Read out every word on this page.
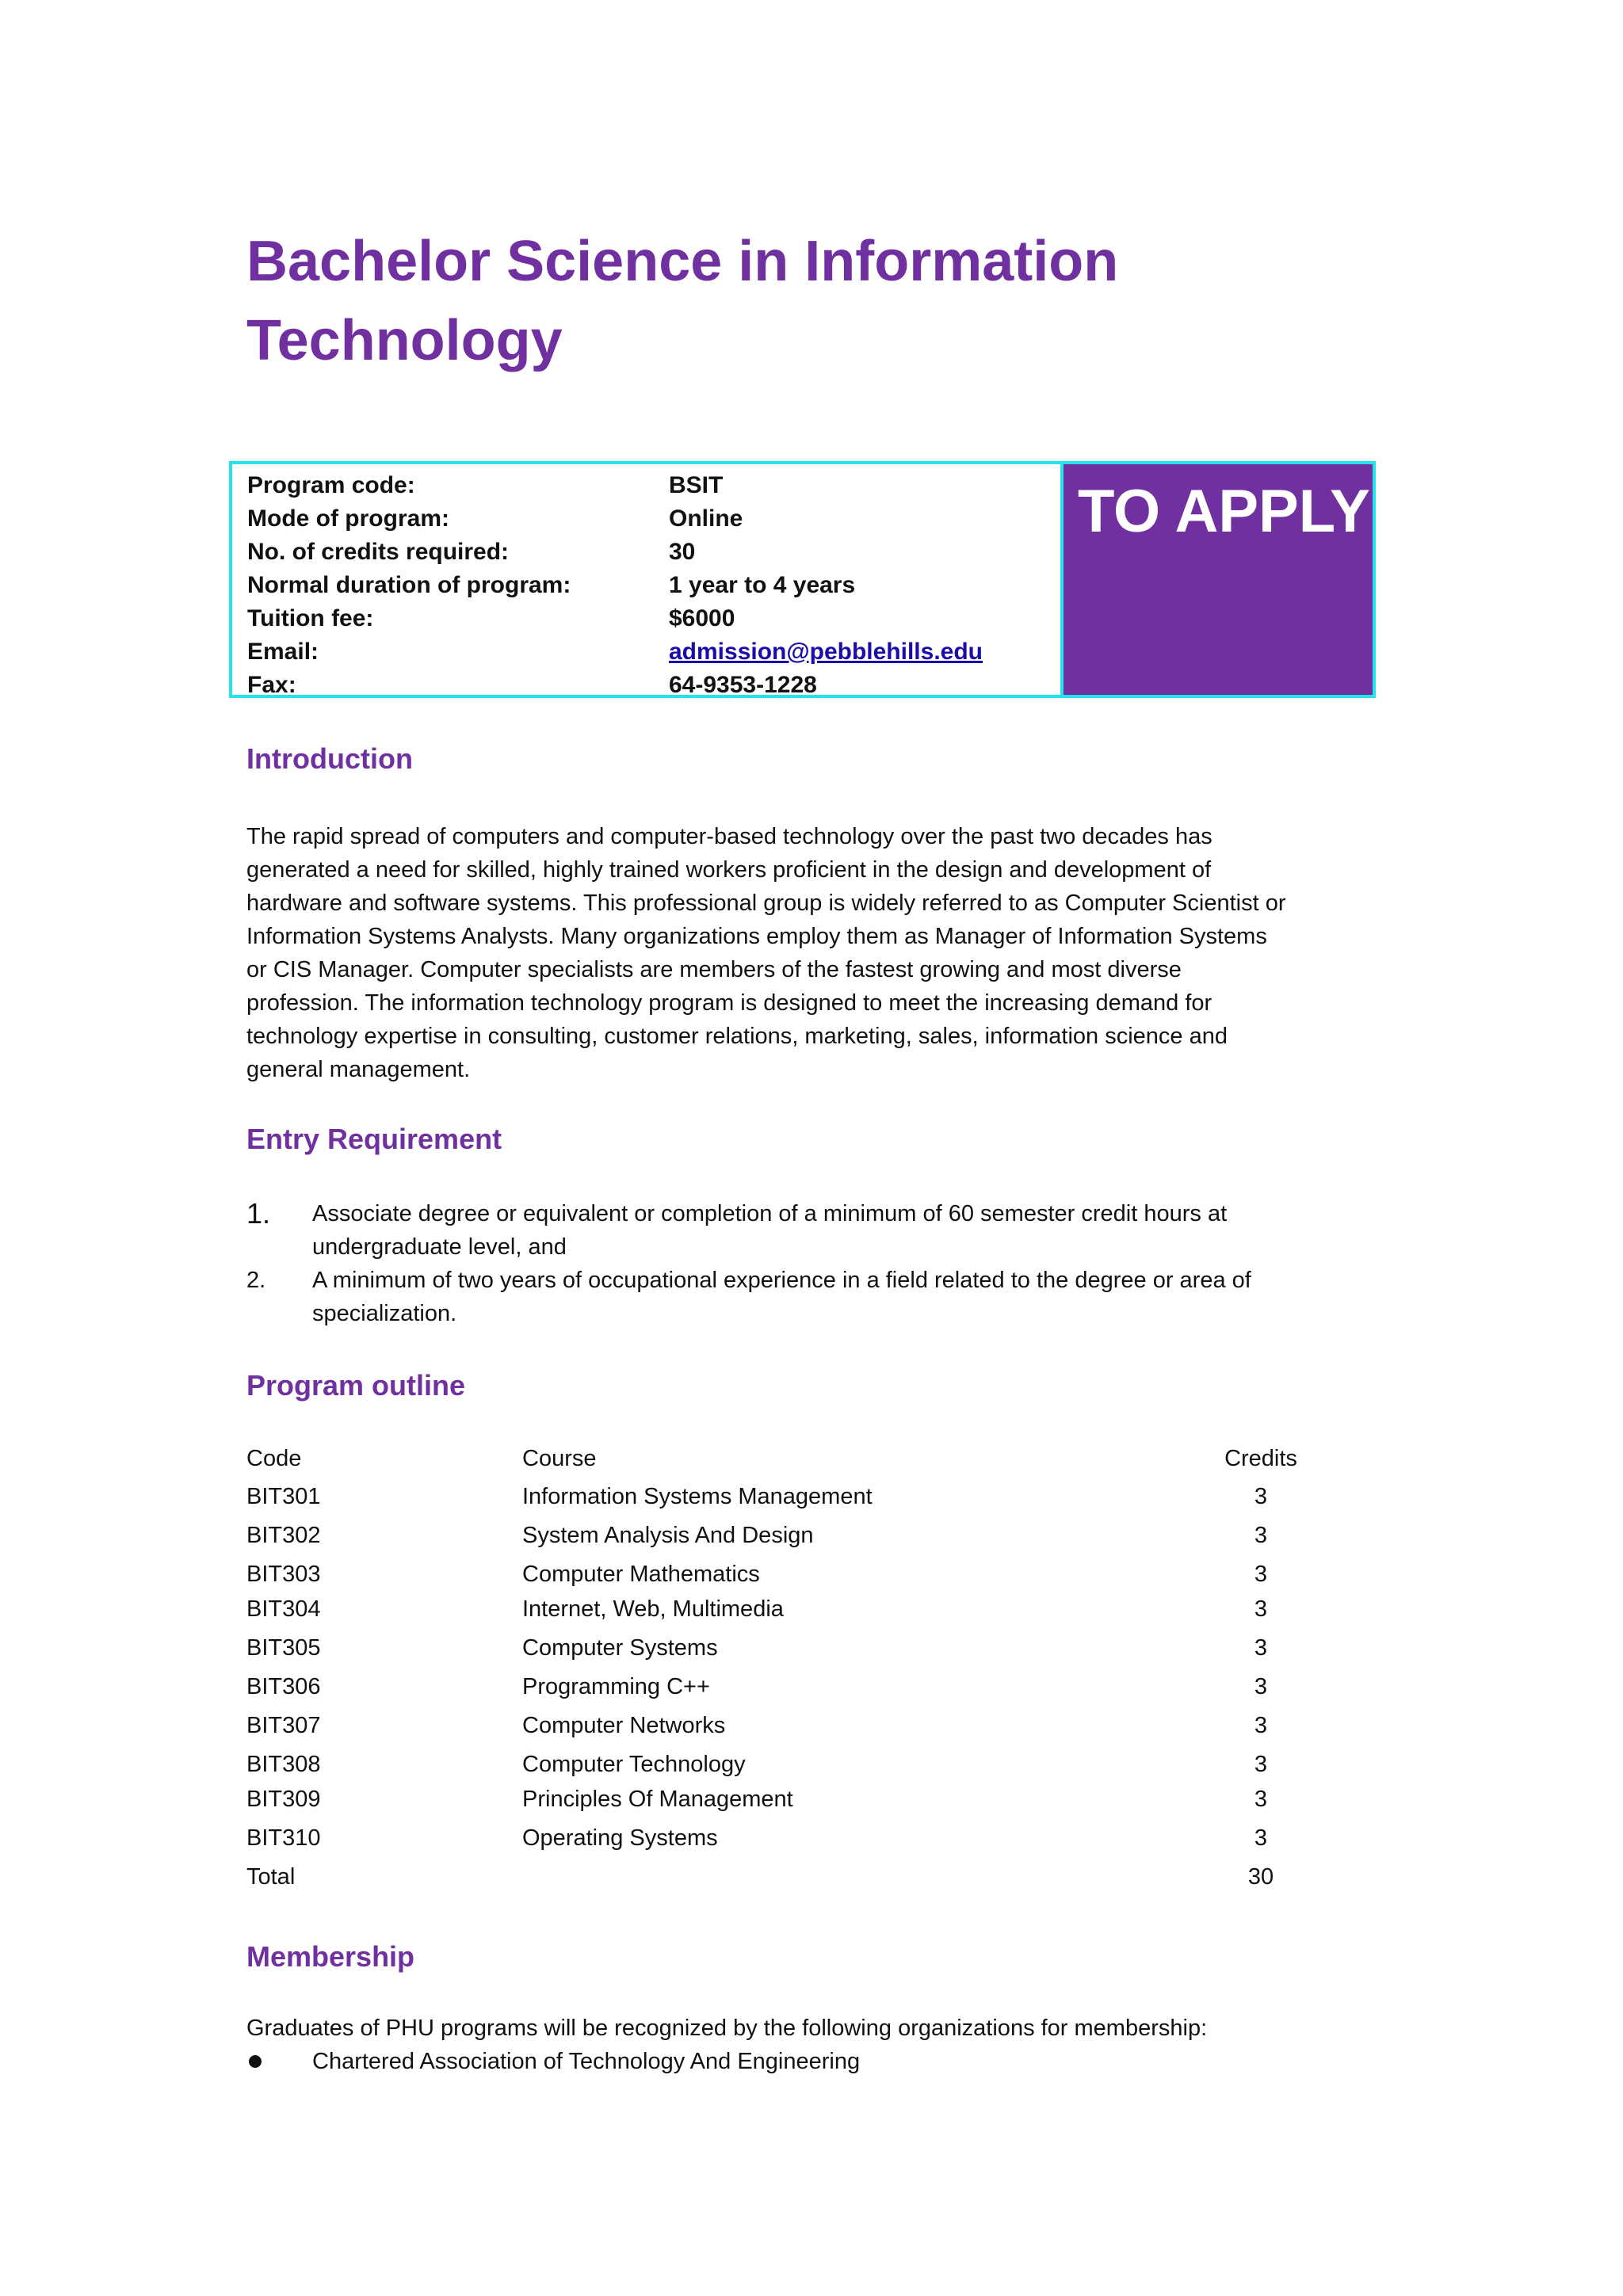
Bachelor Science in Information
Technology
Program code:	BSIT
Mode of program:	Online
No. of credits required:	30
Normal duration of program:	1 year to 4 years
Tuition fee:	$6000
Email:	admission@pebblehills.edu
Fax:	64-9353-1228
TO APPLY
Introduction
The rapid spread of computers and computer-based technology over the past two decades has
generated a need for skilled, highly trained workers proficient in the design and development of
hardware and software systems. This professional group is widely referred to as Computer Scientist or
Information Systems Analysts. Many organizations employ them as Manager of Information Systems
or CIS Manager. Computer specialists are members of the fastest growing and most diverse
profession. The information technology program is designed to meet the increasing demand for
technology expertise in consulting, customer relations, marketing, sales, information science and
general management.
Entry Requirement
1.	Associate degree or equivalent or completion of a minimum of 60 semester credit hours at
undergraduate level, and
2.	A minimum of two years of occupational experience in a field related to the degree or area of
specialization.
Program outline
Code	Course	Credits
BIT301	Information Systems Management	3
BIT302	System Analysis And Design	3
BIT303	Computer Mathematics	3
BIT304	Internet, Web, Multimedia	3
BIT305	Computer Systems	3
BIT306	Programming C++	3
BIT307	Computer Networks	3
BIT308	Computer Technology	3
BIT309	Principles Of Management	3
BIT310	Operating Systems	3
Total	30
Membership

Graduates of PHU programs will be recognized by the following organizations for membership:

Chartered Association of Technology And Engineering
